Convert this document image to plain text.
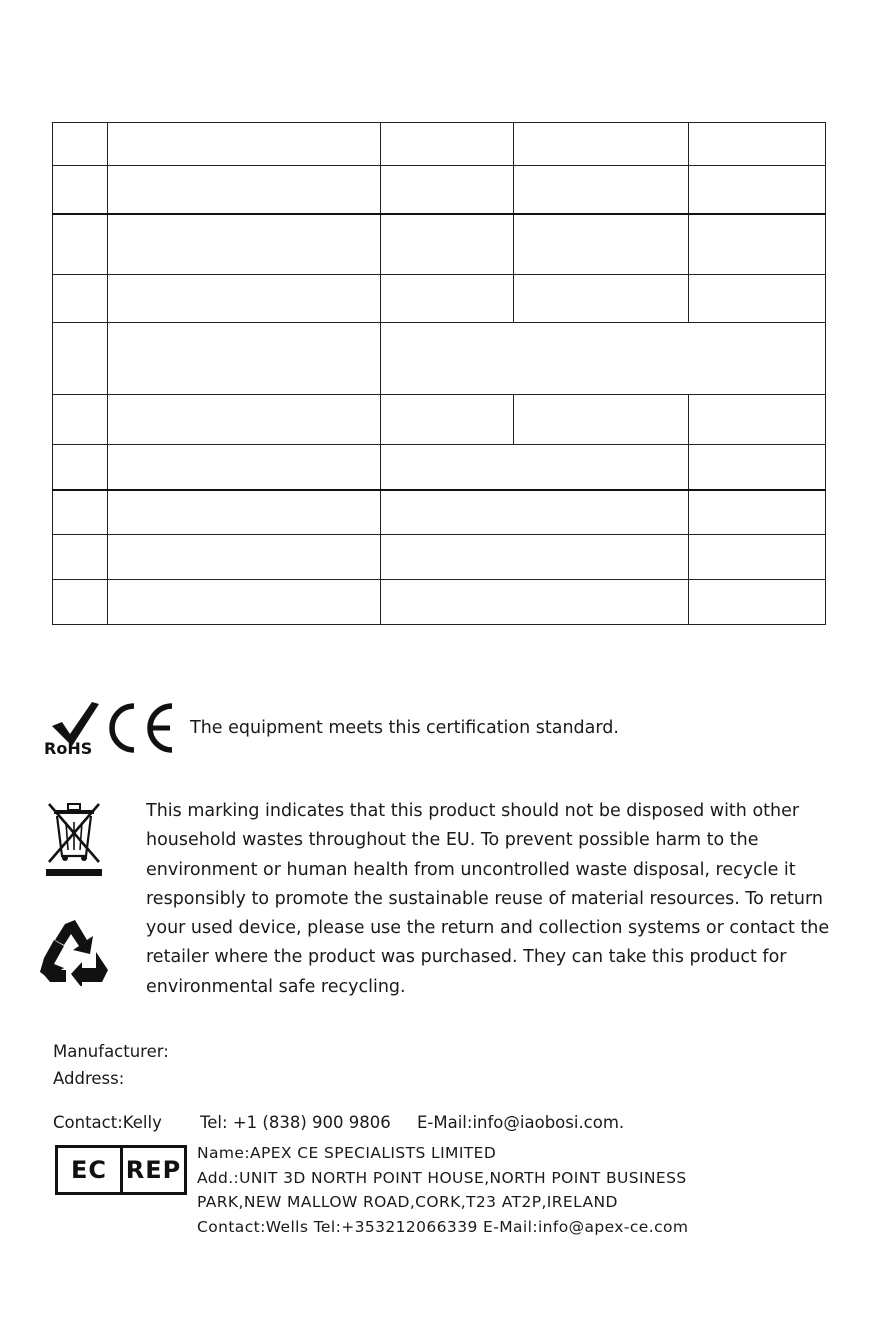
RoHS
The equipment meets this certification standard.

This marking indicates that this product should not be disposed with other
household wastes throughout the EU. To prevent possible harm to the
environment or human health from uncontrolled waste disposal, recycle it
responsibly to promote the sustainable reuse of material resources. To return
your used device, please use the return and collection systems or contact the
retailer where the product was purchased. They can take this product for
environmental safe recycling.

Manufacturer:
Address:
Contact:Kelly Tel: +1 (838) 900 9806 E-Mail:info@iaobosi.com.
EC REP
Name:APEX CE SPECIALISTS LIMITED
Add.:UNIT 3D NORTH POINT HOUSE,NORTH POINT BUSINESS
PARK,NEW MALLOW ROAD,CORK,T23 AT2P,IRELAND
Contact:Wells Tel:+353212066339 E-Mail:info@apex-ce.com
